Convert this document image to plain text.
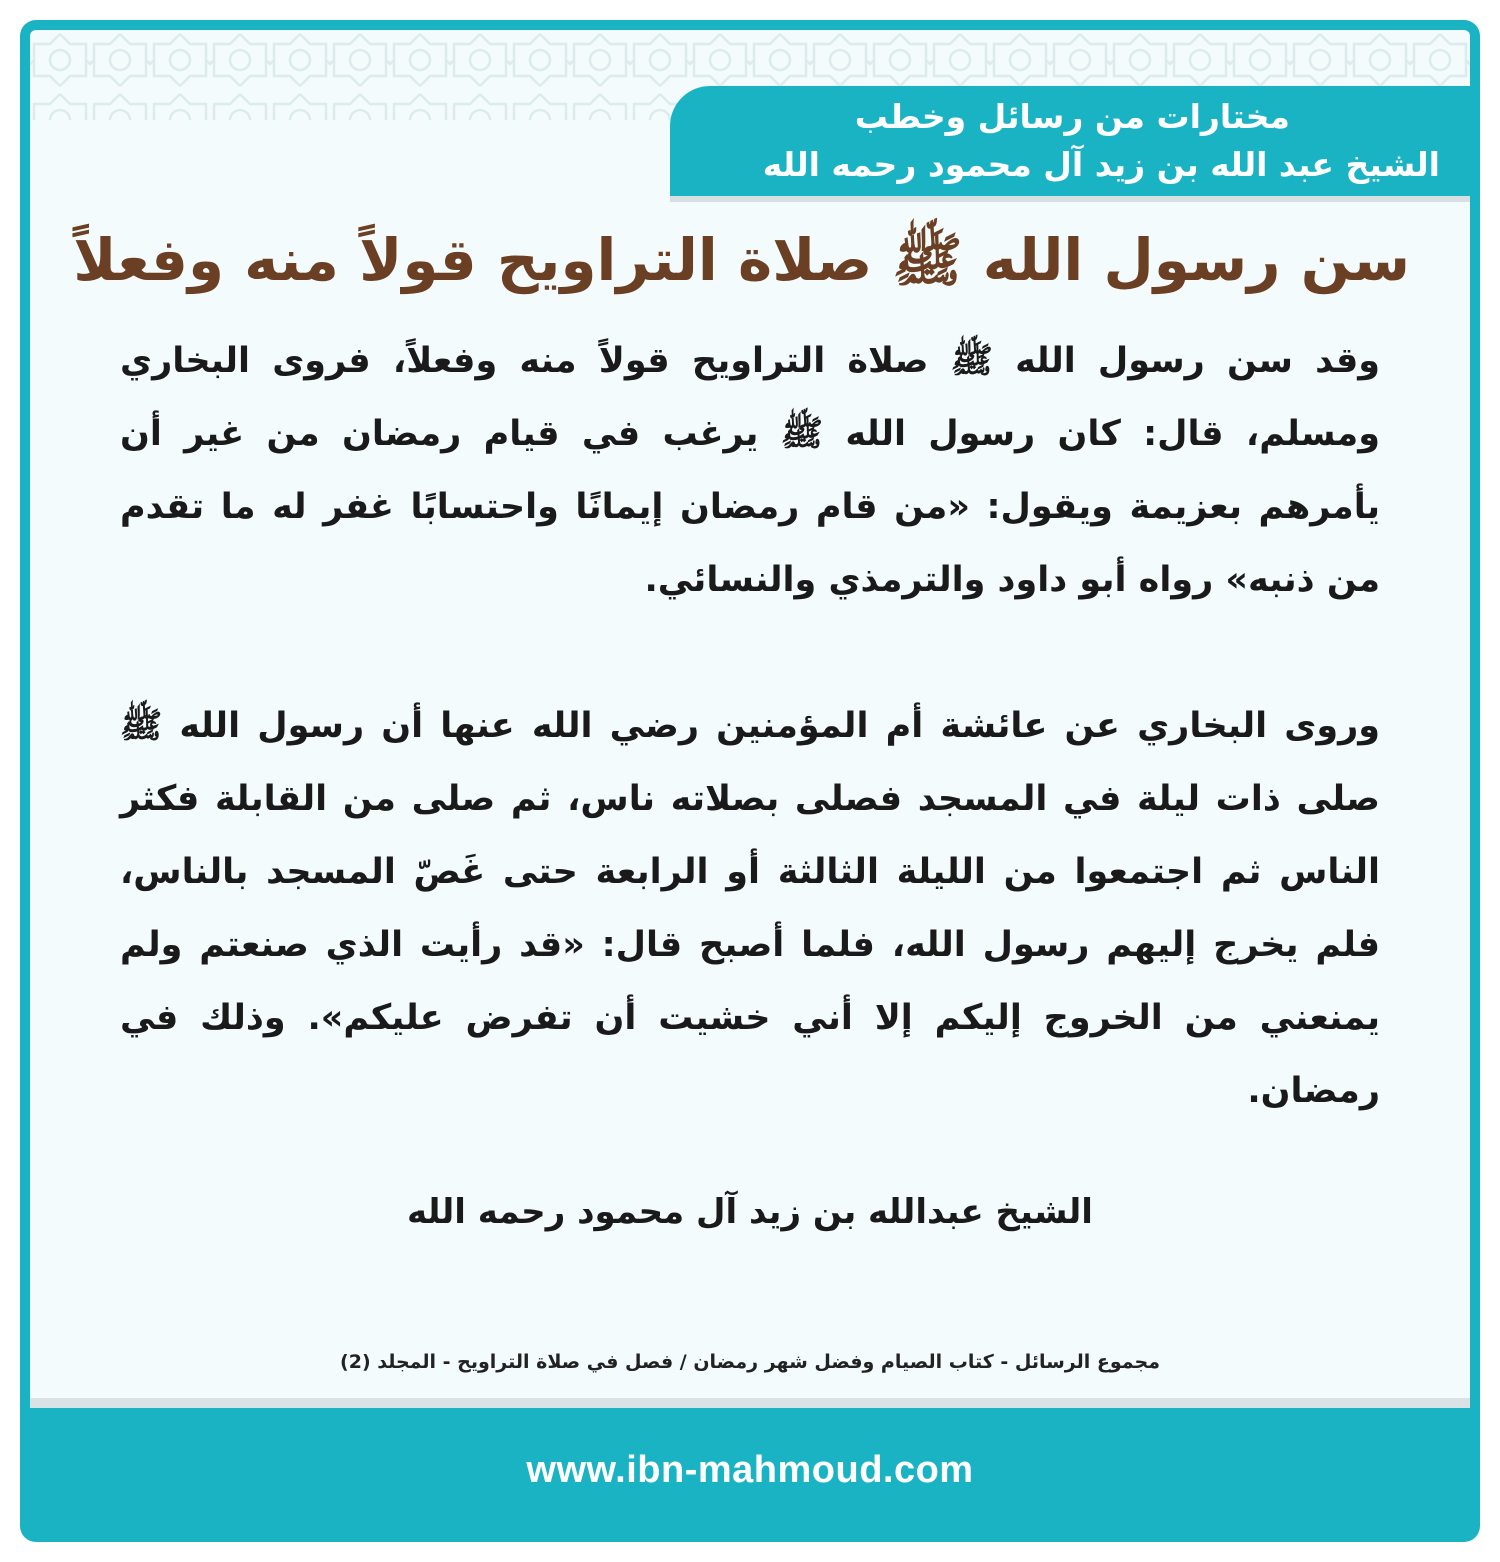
مختارات من رسائل وخطب
الشيخ عبد الله بن زيد آل محمود رحمه الله
سن رسول الله ﷺ صلاة التراويح قولاً منه وفعلاً

وقد سن رسول الله ﷺ صلاة التراويح قولاً منه وفعلاً، فروى البخاري ومسلم، قال: كان رسول الله ﷺ يرغب في قيام رمضان من غير أن يأمرهم بعزيمة ويقول: «من قام رمضان إيمانًا واحتسابًا غفر له ما تقدم من ذنبه» رواه أبو داود والترمذي والنسائي.

وروى البخاري عن عائشة أم المؤمنين رضي الله عنها أن رسول الله ﷺ صلى ذات ليلة في المسجد فصلى بصلاته ناس، ثم صلى من القابلة فكثر الناس ثم اجتمعوا من الليلة الثالثة أو الرابعة حتى غَصّ المسجد بالناس، فلم يخرج إليهم رسول الله، فلما أصبح قال: «قد رأيت الذي صنعتم ولم يمنعني من الخروج إليكم إلا أني خشيت أن تفرض عليكم». وذلك في رمضان.

الشيخ عبدالله بن زيد آل محمود رحمه الله
مجموع الرسائل - كتاب الصيام وفضل شهر رمضان / فصل في صلاة التراويح - المجلد (2)
www.ibn-mahmoud.com
